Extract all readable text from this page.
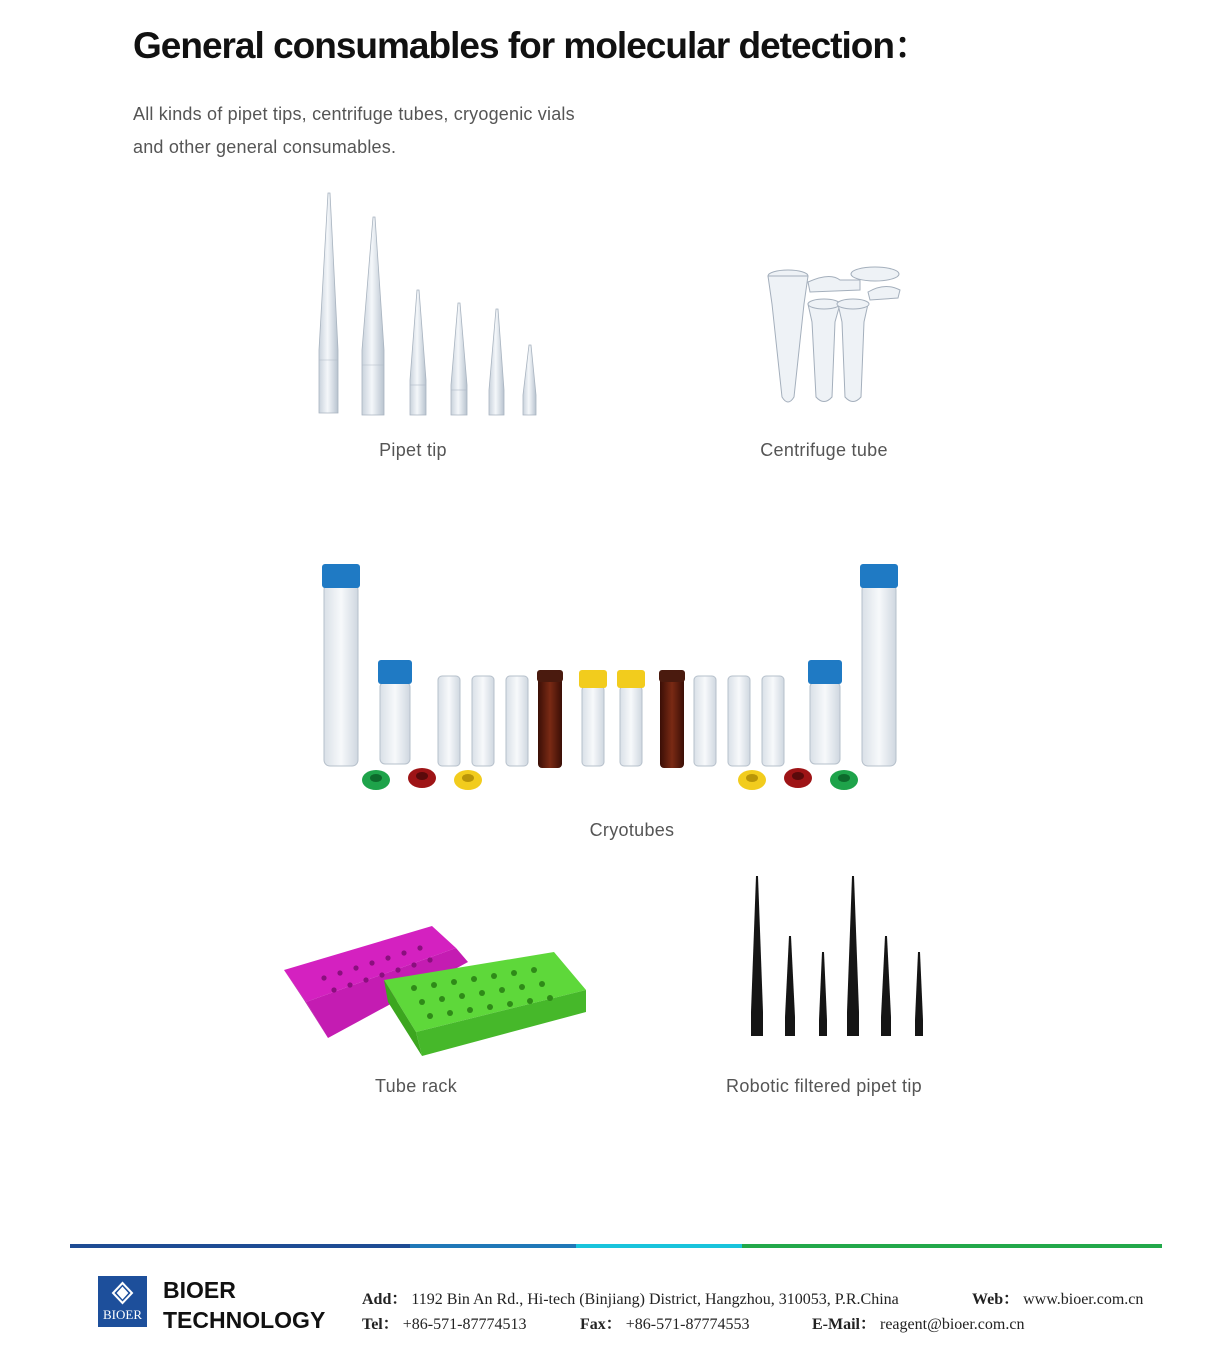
General consumables for molecular detection：
All kinds of pipet tips, centrifuge tubes, cryogenic vials
and other general consumables.
Pipet tip	Centrifuge tube
Cryotubes
Tube rack	Robotic filtered pipet tip
BIOER
BIOER
TECHNOLOGY
Add： 1192 Bin An Rd., Hi-tech (Binjiang) District, Hangzhou, 310053, P.R.China	Web： www.bioer.com.cn
Tel： +86-571-87774513	Fax： +86-571-87774553	E-Mail： reagent@bioer.com.cn
